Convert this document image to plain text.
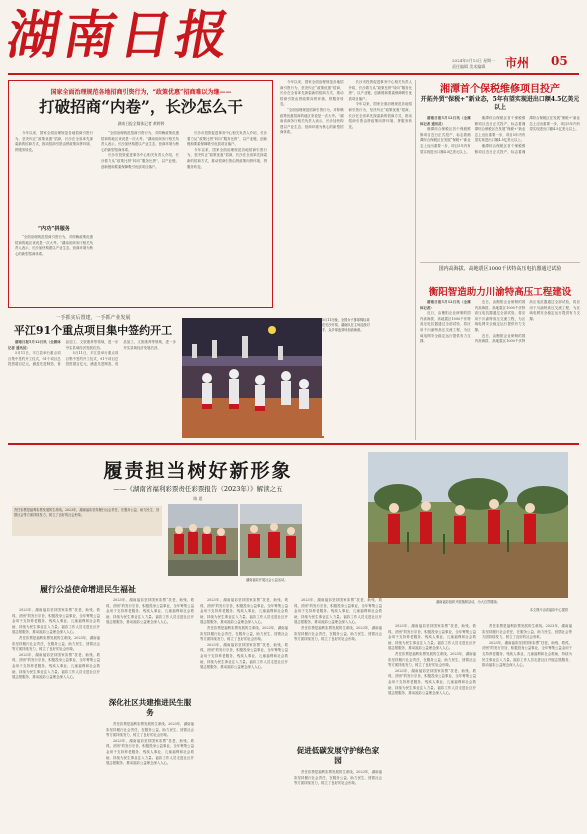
湖南日报	2024年5月13日 星期一
责任编辑 美术编辑 市州 05
国家全面治理规范各地招商引资行为，“政策优惠”招商难以为继——
打破招商“内卷”，长沙怎么干
湖南日报全媒体记者 黄婷婷

今年以来，国家全面治理规范各地招商引资行为，坚决纠正“政策优惠”招商，长沙在全省率先探索新的招商方式，推动招商引资由拼政策向拼环境、拼服务转变。

“内功”拼服务

“全面治理规范招商引资行为，对仰赖政策优惠招商的地区来说是一次大考。”湖南省商务厅相关负责人表示，长沙加快构建以产业生态、营商环境为核心的新型招商体系。

“全面治理规范招商引资行为，对仰赖政策优惠招商的地区来说是一次大考。”湖南省商务厅相关负责人表示，长沙加快构建以产业生态、营商环境为核心的新型招商体系。

长沙市投资促进事务中心相关负责人介绍，长沙着力从“政策比拼”转向“服务比拼”，以产业链、创新链和要素保障吸引优质项目落户。

长沙市投资促进事务中心相关负责人介绍，长沙着力从“政策比拼”转向“服务比拼”，以产业链、创新链和要素保障吸引优质项目落户。

今年以来，国家全面治理规范各地招商引资行为，坚决纠正“政策优惠”招商，长沙在全省率先探索新的招商方式，推动招商引资由拼政策向拼环境、拼服务转变。

一手抓实后置建，一手抓产业发展
平江91个重点项目集中签约开工

湖南日报5月12日讯（全媒体记者 通讯员）

5月11日，平江县举行重点项目集中签约开工仪式，91个项目总投资超百亿元，涵盖先进制造、食品加工、文旅康养等领域，进一步夯实县域经济发展后劲。

5月11日，平江县举行重点项目集中签约开工仪式，91个项目总投资超百亿元，涵盖先进制造、食品加工、文旅康养等领域，进一步夯实县域经济发展后劲。

5月11日晚，全国女子排球锦标赛在长沙开赛，湖南队在主场迎战对手，众多球迷到场加油助威。
湘潭首个保税维修项目投产
开拓外贸“保税+”新业态，5年有望实现进出口额4.5亿美元以上

湖南日报5月12日讯（全媒体记者 通讯员）

湘潭综合保税区首个保税维修项目近日正式投产，标志着湘潭综合保税区在发展“保税+”新业态上迈出重要一步，项目5年内有望实现进出口额4.5亿美元以上。

湘潭综合保税区首个保税维修项目近日正式投产，标志着湘潭综合保税区在发展“保税+”新业态上迈出重要一步，项目5年内有望实现进出口额4.5亿美元以上。

湘潭综合保税区首个保税维修项目近日正式投产，标志着湘潭综合保税区在发展“保税+”新业态上迈出重要一步，项目5年内有望实现进出口额4.5亿美元以上。

今年以来，国家全面治理规范各地招商引资行为，坚决纠正“政策优惠”招商，长沙在全省率先探索新的招商方式，推动招商引资由拼政策向拼环境、拼服务转变。

“全面治理规范招商引资行为，对仰赖政策优惠招商的地区来说是一次大考。”湖南省商务厅相关负责人表示，长沙加快构建以产业生态、营商环境为核心的新型招商体系。

长沙市投资促进事务中心相关负责人介绍，长沙着力从“政策比拼”转向“服务比拼”，以产业链、创新链和要素保障吸引优质项目落户。

今年以来，国家全面治理规范各地招商引资行为，坚决纠正“政策优惠”招商，长沙在全省率先探索新的招商方式，推动招商引资由拼政策向拼环境、拼服务转变。

国内高海拔、高地震区1000千伏特高压电抗器通过试验
衡阳智造助力川渝特高压工程建设

湖南日报5月12日讯（全媒体记者）

近日，由衡阳企业研制的国内高海拔、高地震区1000千伏特高压电抗器通过全部试验，将应用于川渝特高压交流工程，为区域电网安全稳定运行提供有力支撑。

近日，由衡阳企业研制的国内高海拔、高地震区1000千伏特高压电抗器通过全部试验，将应用于川渝特高压交流工程，为区域电网安全稳定运行提供有力支撑。

近日，由衡阳企业研制的国内高海拔、高地震区1000千伏特高压电抗器通过全部试验，将应用于川渝特高压交流工程，为区域电网安全稳定运行提供有力支撑。

履责担当树好新形象
——《湖南省福利彩票责任彩票报告（2023年）》解读之五
陈 思
责任彩票是福利彩票发展的生命线。2023年，湖南福彩坚持履行社会责任，在服务公益、助力民生、回馈社会等方面持续发力，树立了良好的社会形象。
湖南福彩开展社会公益活动。
湖南福彩组织开展植树活动，为大自然增绿。
本文图片由省福彩中心提供
履行公益使命增进民生福祉

2023年，湖南福彩坚持国家彩票“扶老、助残、救孤、济困”的发行宗旨，积极投身公益事业，全年筹集公益金用于支持养老服务、残疾人事业、儿童福利和社会救助，持续为民生事业注入力量。福彩工作人员走进社区开展志愿服务，推动福彩公益理念深入人心。

责任彩票是福利彩票发展的生命线。2023年，湖南福彩坚持履行社会责任，在服务公益、助力民生、回馈社会等方面持续发力，树立了良好的社会形象。

2023年，湖南福彩坚持国家彩票“扶老、助残、救孤、济困”的发行宗旨，积极投身公益事业，全年筹集公益金用于支持养老服务、残疾人事业、儿童福利和社会救助，持续为民生事业注入力量。福彩工作人员走进社区开展志愿服务，推动福彩公益理念深入人心。

2023年，湖南福彩坚持国家彩票“扶老、助残、救孤、济困”的发行宗旨，积极投身公益事业，全年筹集公益金用于支持养老服务、残疾人事业、儿童福利和社会救助，持续为民生事业注入力量。福彩工作人员走进社区开展志愿服务，推动福彩公益理念深入人心。

深化社区共建推进民生服务

责任彩票是福利彩票发展的生命线。2023年，湖南福彩坚持履行社会责任，在服务公益、助力民生、回馈社会等方面持续发力，树立了良好的社会形象。

2023年，湖南福彩坚持国家彩票“扶老、助残、救孤、济困”的发行宗旨，积极投身公益事业，全年筹集公益金用于支持养老服务、残疾人事业、儿童福利和社会救助，持续为民生事业注入力量。福彩工作人员走进社区开展志愿服务，推动福彩公益理念深入人心。

2023年，湖南福彩坚持国家彩票“扶老、助残、救孤、济困”的发行宗旨，积极投身公益事业，全年筹集公益金用于支持养老服务、残疾人事业、儿童福利和社会救助，持续为民生事业注入力量。福彩工作人员走进社区开展志愿服务，推动福彩公益理念深入人心。

责任彩票是福利彩票发展的生命线。2023年，湖南福彩坚持履行社会责任，在服务公益、助力民生、回馈社会等方面持续发力，树立了良好的社会形象。

2023年，湖南福彩坚持国家彩票“扶老、助残、救孤、济困”的发行宗旨，积极投身公益事业，全年筹集公益金用于支持养老服务、残疾人事业、儿童福利和社会救助，持续为民生事业注入力量。福彩工作人员走进社区开展志愿服务，推动福彩公益理念深入人心。

2023年，湖南福彩坚持国家彩票“扶老、助残、救孤、济困”的发行宗旨，积极投身公益事业，全年筹集公益金用于支持养老服务、残疾人事业、儿童福利和社会救助，持续为民生事业注入力量。福彩工作人员走进社区开展志愿服务，推动福彩公益理念深入人心。

责任彩票是福利彩票发展的生命线。2023年，湖南福彩坚持履行社会责任，在服务公益、助力民生、回馈社会等方面持续发力，树立了良好的社会形象。

促进低碳发展守护绿色家园

责任彩票是福利彩票发展的生命线。2023年，湖南福彩坚持履行社会责任，在服务公益、助力民生、回馈社会等方面持续发力，树立了良好的社会形象。

2023年，湖南福彩坚持国家彩票“扶老、助残、救孤、济困”的发行宗旨，积极投身公益事业，全年筹集公益金用于支持养老服务、残疾人事业、儿童福利和社会救助，持续为民生事业注入力量。福彩工作人员走进社区开展志愿服务，推动福彩公益理念深入人心。

责任彩票是福利彩票发展的生命线。2023年，湖南福彩坚持履行社会责任，在服务公益、助力民生、回馈社会等方面持续发力，树立了良好的社会形象。

2023年，湖南福彩坚持国家彩票“扶老、助残、救孤、济困”的发行宗旨，积极投身公益事业，全年筹集公益金用于支持养老服务、残疾人事业、儿童福利和社会救助，持续为民生事业注入力量。福彩工作人员走进社区开展志愿服务，推动福彩公益理念深入人心。

责任彩票是福利彩票发展的生命线。2023年，湖南福彩坚持履行社会责任，在服务公益、助力民生、回馈社会等方面持续发力，树立了良好的社会形象。

2023年，湖南福彩坚持国家彩票“扶老、助残、救孤、济困”的发行宗旨，积极投身公益事业，全年筹集公益金用于支持养老服务、残疾人事业、儿童福利和社会救助，持续为民生事业注入力量。福彩工作人员走进社区开展志愿服务，推动福彩公益理念深入人心。
